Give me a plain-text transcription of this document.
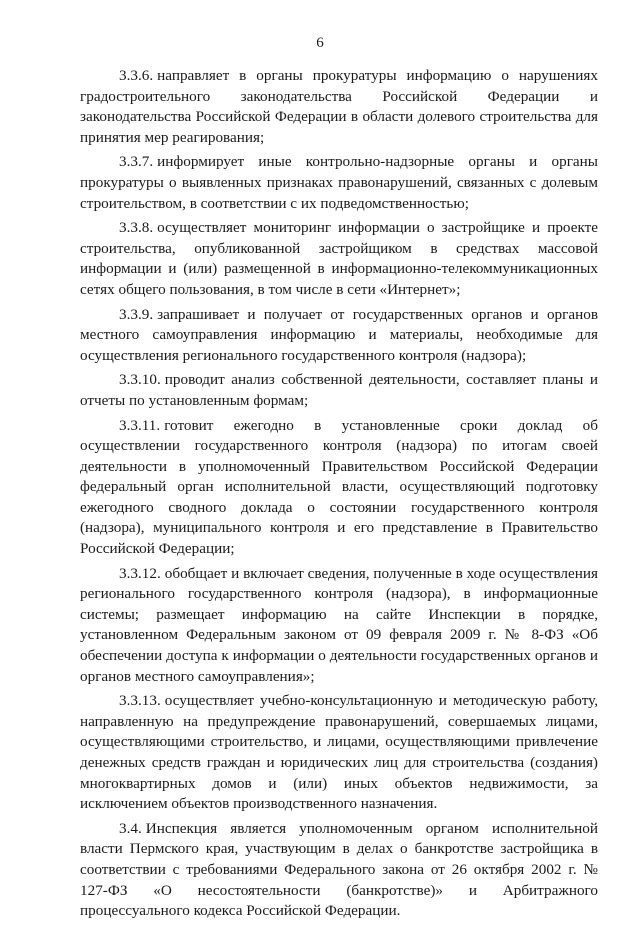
6

3.3.6. направляет в органы прокуратуры информацию о нарушениях градостроительного законодательства Российской Федерации и законодательства Российской Федерации в области долевого строительства для принятия мер реагирования;

3.3.7. информирует иные контрольно-надзорные органы и органы прокуратуры о выявленных признаках правонарушений, связанных с долевым строительством, в соответствии с их подведомственностью;

3.3.8. осуществляет мониторинг информации о застройщике и проекте строительства, опубликованной застройщиком в средствах массовой информации и (или) размещенной в информационно-телекоммуникационных сетях общего пользования, в том числе в сети «Интернет»;

3.3.9. запрашивает и получает от государственных органов и органов местного самоуправления информацию и материалы, необходимые для осуществления регионального государственного контроля (надзора);

3.3.10. проводит анализ собственной деятельности, составляет планы и отчеты по установленным формам;

3.3.11. готовит ежегодно в установленные сроки доклад об осуществлении государственного контроля (надзора) по итогам своей деятельности в уполномоченный Правительством Российской Федерации федеральный орган исполнительной власти, осуществляющий подготовку ежегодного сводного доклада о состоянии государственного контроля (надзора), муниципального контроля и его представление в Правительство Российской Федерации;

3.3.12. обобщает и включает сведения, полученные в ходе осуществления регионального государственного контроля (надзора), в информационные системы; размещает информацию на сайте Инспекции в порядке, установленном Федеральным законом от 09 февраля 2009 г. № 8-ФЗ «Об обеспечении доступа к информации о деятельности государственных органов и органов местного самоуправления»;

3.3.13. осуществляет учебно-консультационную и методическую работу, направленную на предупреждение правонарушений, совершаемых лицами, осуществляющими строительство, и лицами, осуществляющими привлечение денежных средств граждан и юридических лиц для строительства (создания) многоквартирных домов и (или) иных объектов недвижимости, за исключением объектов производственного назначения.

3.4. Инспекция является уполномоченным органом исполнительной власти Пермского края, участвующим в делах о банкротстве застройщика в соответствии с требованиями Федерального закона от 26 октября 2002 г. № 127-ФЗ «О несостоятельности (банкротстве)» и Арбитражного процессуального кодекса Российской Федерации.
